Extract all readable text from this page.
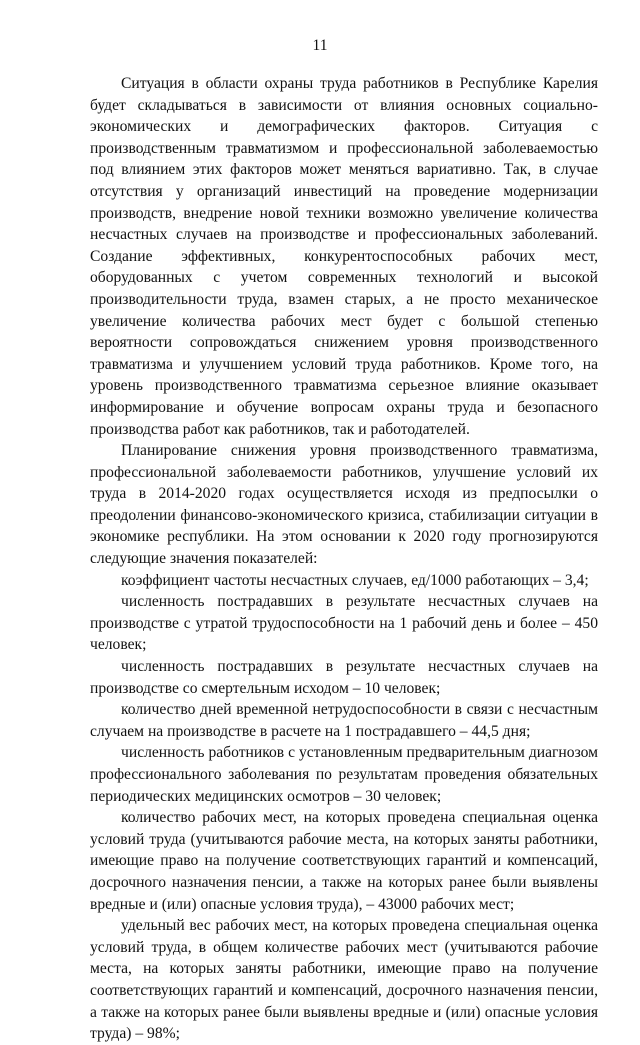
11

Ситуация в области охраны труда работников в Республике Карелия будет складываться в зависимости от влияния основных социально-экономических и демографических факторов. Ситуация с производственным травматизмом и профессиональной заболеваемостью под влиянием этих факторов может меняться вариативно. Так, в случае отсутствия у организаций инвестиций на проведение модернизации производств, внедрение новой техники возможно увеличение количества несчастных случаев на производстве и профессиональных заболеваний. Создание эффективных, конкурентоспособных рабочих мест, оборудованных с учетом современных технологий и высокой производительности труда, взамен старых, а не просто механическое увеличение количества рабочих мест будет с большой степенью вероятности сопровождаться снижением уровня производственного травматизма и улучшением условий труда работников. Кроме того, на уровень производственного травматизма серьезное влияние оказывает информирование и обучение вопросам охраны труда и безопасного производства работ как работников, так и работодателей.

Планирование снижения уровня производственного травматизма, профессиональной заболеваемости работников, улучшение условий их труда в 2014-2020 годах осуществляется исходя из предпосылки о преодолении финансово-экономического кризиса, стабилизации ситуации в экономике республики. На этом основании к 2020 году прогнозируются следующие значения показателей:

коэффициент частоты несчастных случаев, ед/1000 работающих – 3,4;

численность пострадавших в результате несчастных случаев на производстве с утратой трудоспособности на 1 рабочий день и более – 450 человек;

численность пострадавших в результате несчастных случаев на производстве со смертельным исходом – 10 человек;

количество дней временной нетрудоспособности в связи с несчастным случаем на производстве в расчете на 1 пострадавшего – 44,5 дня;

численность работников с установленным предварительным диагнозом профессионального заболевания по результатам проведения обязательных периодических медицинских осмотров – 30 человек;

количество рабочих мест, на которых проведена специальная оценка условий труда (учитываются рабочие места, на которых заняты работники, имеющие право на получение соответствующих гарантий и компенсаций, досрочного назначения пенсии, а также на которых ранее были выявлены вредные и (или) опасные условия труда), – 43000 рабочих мест;

удельный вес рабочих мест, на которых проведена специальная оценка условий труда, в общем количестве рабочих мест (учитываются рабочие места, на которых заняты работники, имеющие право на получение соответствующих гарантий и компенсаций, досрочного назначения пенсии, а также на которых ранее были выявлены вредные и (или) опасные условия труда) – 98%;
